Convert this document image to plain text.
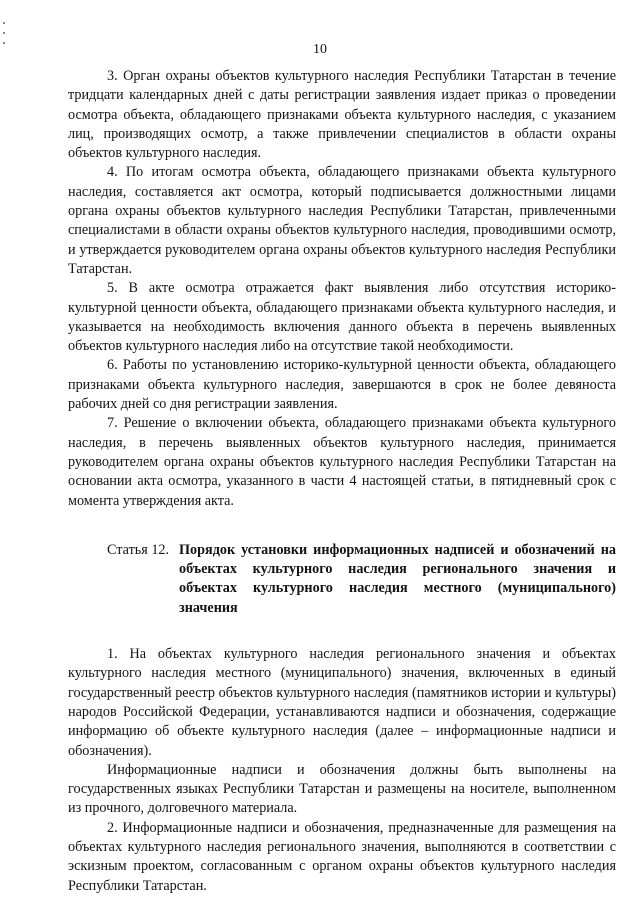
10

3. Орган охраны объектов культурного наследия Республики Татарстан в течение тридцати календарных дней с даты регистрации заявления издает приказ о проведении осмотра объекта, обладающего признаками объекта культурного наследия, с указанием лиц, производящих осмотр, а также привлечении специалистов в области охраны объектов культурного наследия.

4. По итогам осмотра объекта, обладающего признаками объекта культурного наследия, составляется акт осмотра, который подписывается должностными лицами органа охраны объектов культурного наследия Республики Татарстан, привлеченными специалистами в области охраны объектов культурного наследия, проводившими осмотр, и утверждается руководителем органа охраны объектов культурного наследия Республики Татарстан.

5. В акте осмотра отражается факт выявления либо отсутствия историко-культурной ценности объекта, обладающего признаками объекта культурного наследия, и указывается на необходимость включения данного объекта в перечень выявленных объектов культурного наследия либо на отсутствие такой необходимости.

6. Работы по установлению историко-культурной ценности объекта, обладающего признаками объекта культурного наследия, завершаются в срок не более девяноста рабочих дней со дня регистрации заявления.

7. Решение о включении объекта, обладающего признаками объекта культурного наследия, в перечень выявленных объектов культурного наследия, принимается руководителем органа охраны объектов культурного наследия Республики Татарстан на основании акта осмотра, указанного в части 4 настоящей статьи, в пятидневный срок с момента утверждения акта.

Статья 12. Порядок установки информационных надписей и обозначений на объектах культурного наследия регионального значения и объектах культурного наследия местного (муниципального) значения

1. На объектах культурного наследия регионального значения и объектах культурного наследия местного (муниципального) значения, включенных в единый государственный реестр объектов культурного наследия (памятников истории и культуры) народов Российской Федерации, устанавливаются надписи и обозначения, содержащие информацию об объекте культурного наследия (далее – информационные надписи и обозначения).

Информационные надписи и обозначения должны быть выполнены на государственных языках Республики Татарстан и размещены на носителе, выполненном из прочного, долговечного материала.

2. Информационные надписи и обозначения, предназначенные для размещения на объектах культурного наследия регионального значения, выполняются в соответствии с эскизным проектом, согласованным с органом охраны объектов культурного наследия Республики Татарстан.
